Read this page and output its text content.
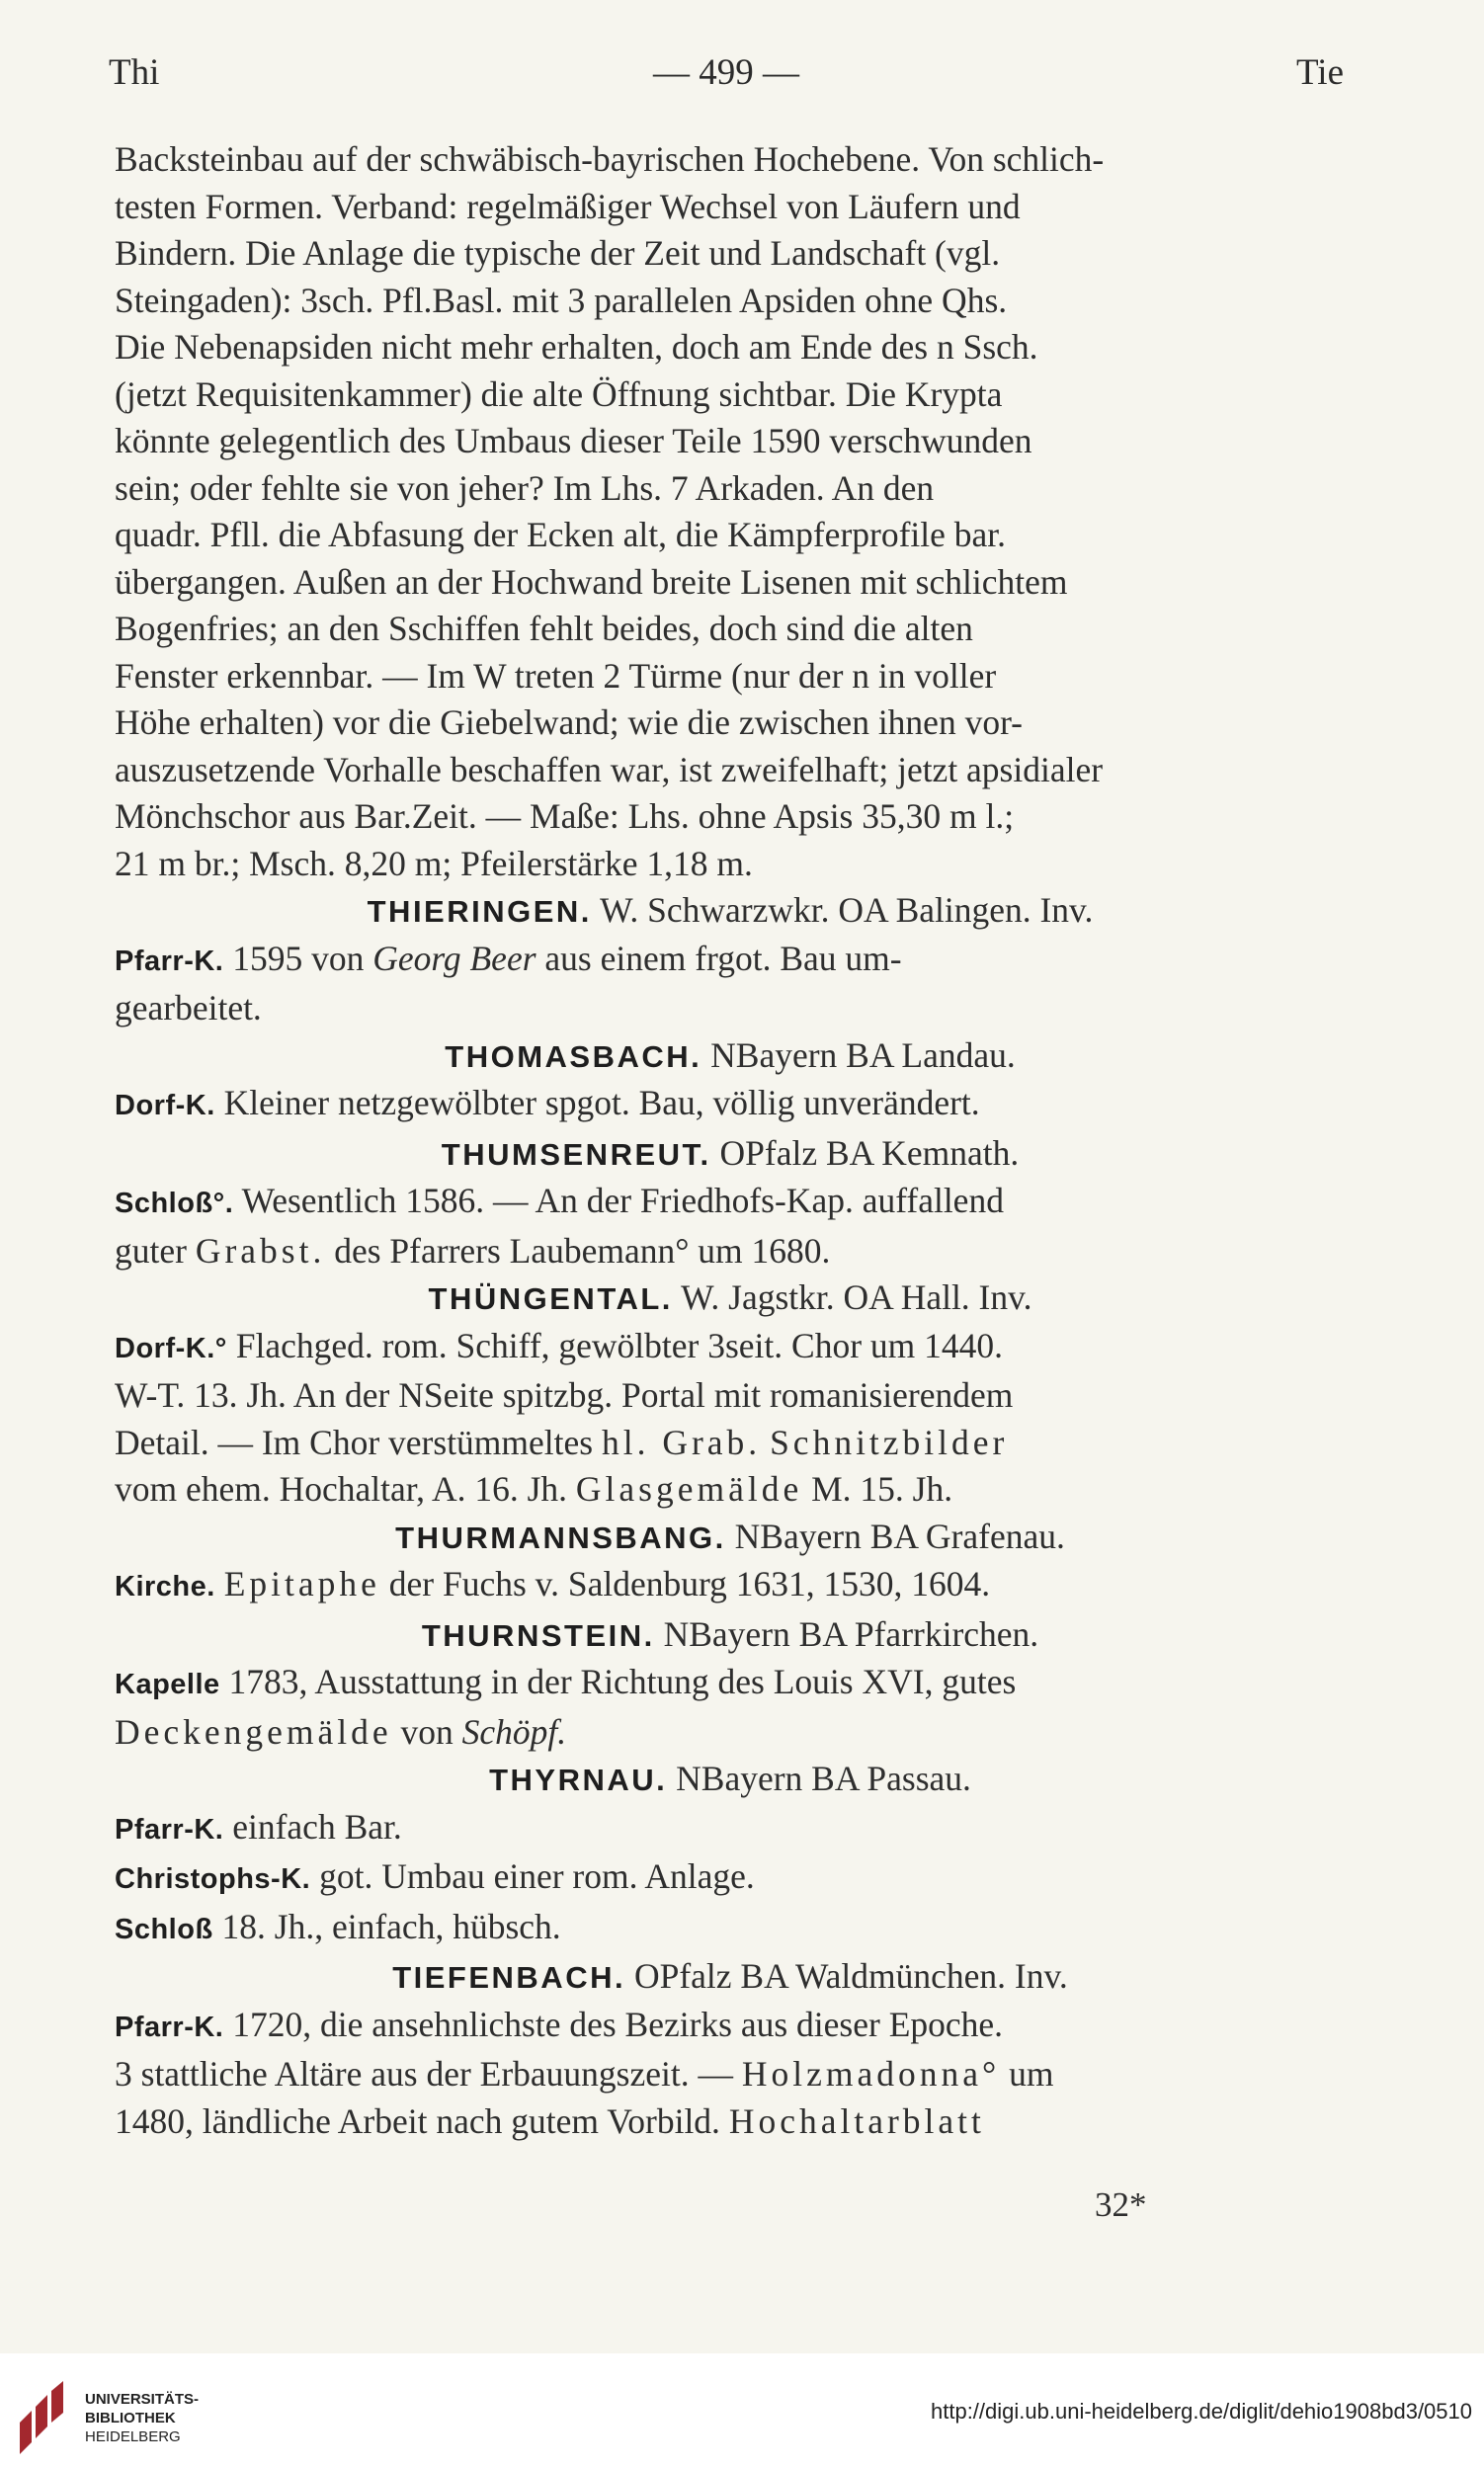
Thi	— 499 —	Tie

Backsteinbau auf der schwäbisch-bayrischen Hochebene. Von schlich-

testen Formen. Verband: regelmäßiger Wechsel von Läufern und

Bindern. Die Anlage die typische der Zeit und Landschaft (vgl.

Steingaden): 3sch. Pfl.Basl. mit 3 parallelen Apsiden ohne Qhs.

Die Nebenapsiden nicht mehr erhalten, doch am Ende des n Ssch.

(jetzt Requisitenkammer) die alte Öffnung sichtbar. Die Krypta

könnte gelegentlich des Umbaus dieser Teile 1590 verschwunden

sein; oder fehlte sie von jeher? Im Lhs. 7 Arkaden. An den

quadr. Pfll. die Abfasung der Ecken alt, die Kämpferprofile bar.

übergangen. Außen an der Hochwand breite Lisenen mit schlichtem

Bogenfries; an den Sschiffen fehlt beides, doch sind die alten

Fenster erkennbar. — Im W treten 2 Türme (nur der n in voller

Höhe erhalten) vor die Giebelwand; wie die zwischen ihnen vor-

auszusetzende Vorhalle beschaffen war, ist zweifelhaft; jetzt apsidialer

Mönchschor aus Bar.Zeit. — Maße: Lhs. ohne Apsis 35,30 m l.;

21 m br.; Msch. 8,20 m; Pfeilerstärke 1,18 m.

THIERINGEN. W. Schwarzwkr. OA Balingen. Inv.

Pfarr-K. 1595 von Georg Beer aus einem frgot. Bau um-

gearbeitet.

THOMASBACH. NBayern BA Landau.

Dorf-K. Kleiner netzgewölbter spgot. Bau, völlig unverändert.

THUMSENREUT. OPfalz BA Kemnath.

Schloß°. Wesentlich 1586. — An der Friedhofs-Kap. auffallend

guter Grabst. des Pfarrers Laubemann° um 1680.

THÜNGENTAL. W. Jagstkr. OA Hall. Inv.

Dorf-K.° Flachged. rom. Schiff, gewölbter 3seit. Chor um 1440.

W-T. 13. Jh. An der NSeite spitzbg. Portal mit romanisierendem

Detail. — Im Chor verstümmeltes hl. Grab. Schnitzbilder

vom ehem. Hochaltar, A. 16. Jh. Glasgemälde M. 15. Jh.

THURMANNSBANG. NBayern BA Grafenau.

Kirche. Epitaphe der Fuchs v. Saldenburg 1631, 1530, 1604.

THURNSTEIN. NBayern BA Pfarrkirchen.

Kapelle 1783, Ausstattung in der Richtung des Louis XVI, gutes

Deckengemälde von Schöpf.

THYRNAU. NBayern BA Passau.

Pfarr-K. einfach Bar.

Christophs-K. got. Umbau einer rom. Anlage.

Schloß 18. Jh., einfach, hübsch.

TIEFENBACH. OPfalz BA Waldmünchen. Inv.

Pfarr-K. 1720, die ansehnlichste des Bezirks aus dieser Epoche.

3 stattliche Altäre aus der Erbauungszeit. — Holzmadonna° um

1480, ländliche Arbeit nach gutem Vorbild. Hochaltarblatt

32*
UNIVERSITÄTS-
BIBLIOTHEK
HEIDELBERG
http://digi.ub.uni-heidelberg.de/diglit/dehio1908bd3/0510
